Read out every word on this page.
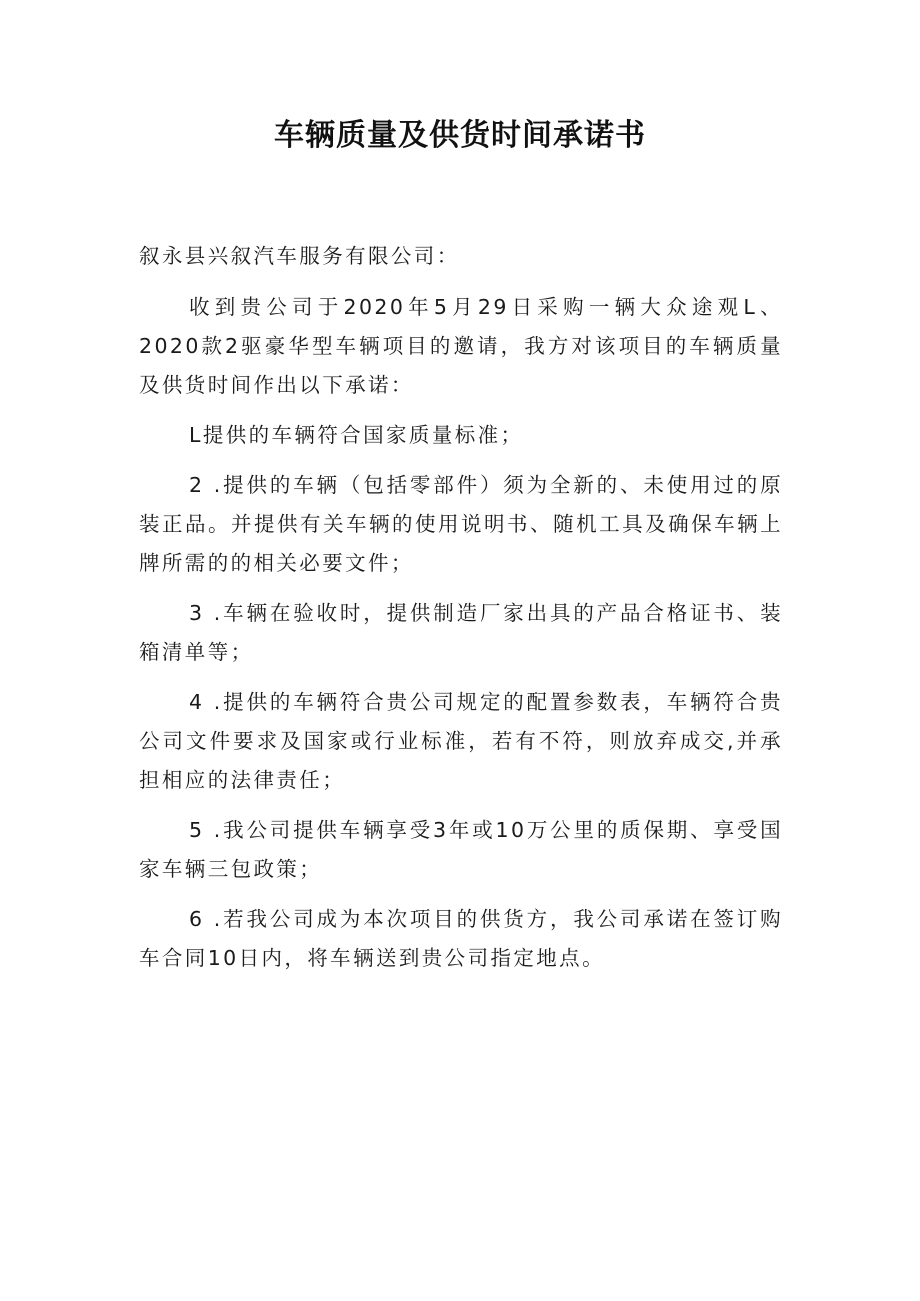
车辆质量及供货时间承诺书

叙永县兴叙汽车服务有限公司：

收到贵公司于2020年5月29日采购一辆大众途观L、2020款2驱豪华型车辆项目的邀请，我方对该项目的车辆质量及供货时间作出以下承诺：

L提供的车辆符合国家质量标准；

2 .提供的车辆（包括零部件）须为全新的、未使用过的原装正品。并提供有关车辆的使用说明书、随机工具及确保车辆上牌所需的的相关必要文件；

3 .车辆在验收时，提供制造厂家出具的产品合格证书、装箱清单等；

4 .提供的车辆符合贵公司规定的配置参数表，车辆符合贵公司文件要求及国家或行业标准，若有不符，则放弃成交,并承担相应的法律责任；

5 .我公司提供车辆享受3年或10万公里的质保期、享受国家车辆三包政策；

6 .若我公司成为本次项目的供货方，我公司承诺在签订购车合同10日内，将车辆送到贵公司指定地点。
